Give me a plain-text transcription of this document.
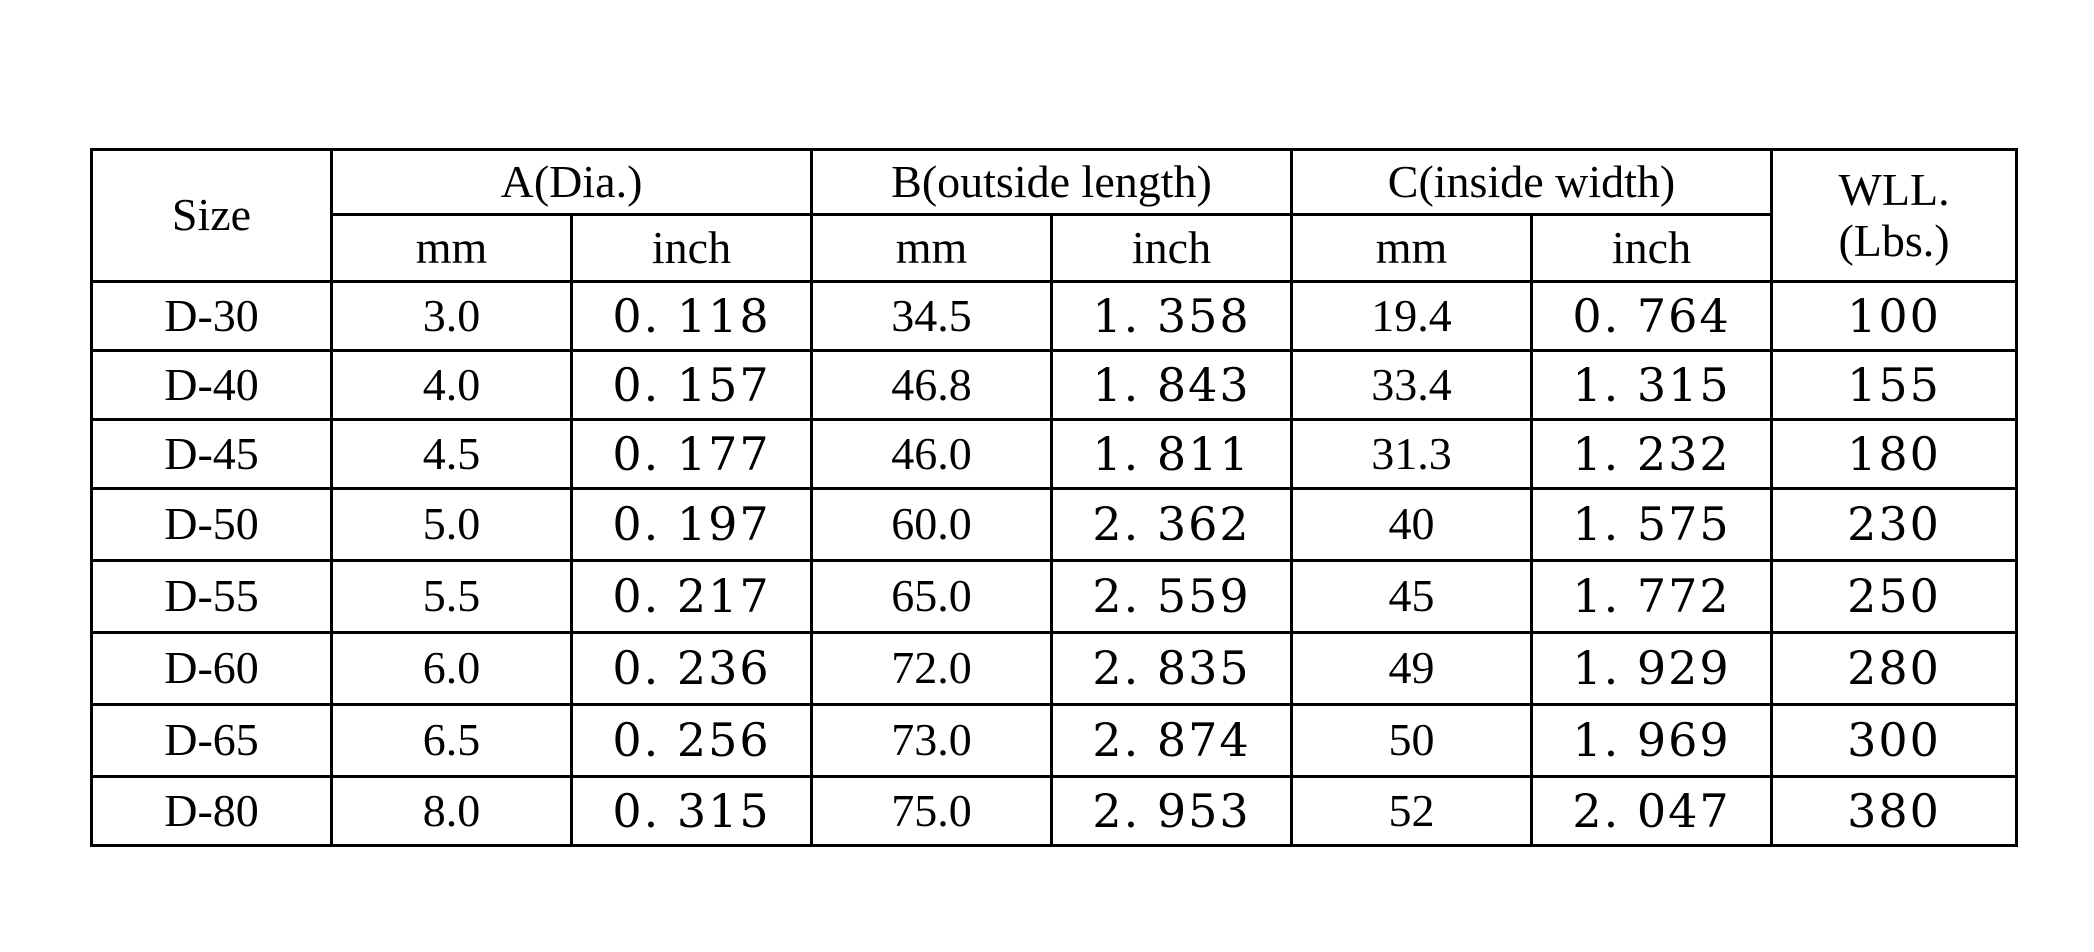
Size	A(Dia.)		B(outside length)		C(inside width)		WLL.
(Lbs.)

	mm	inch	mm	inch	mm	inch	
D-30	3.0	0. 118	34.5	1. 358	19.4	0. 764	100
D-40	4.0	0. 157	46.8	1. 843	33.4	1. 315	155
D-45	4.5	0. 177	46.0	1. 811	31.3	1. 232	180
D-50	5.0	0. 197	60.0	2. 362	40	1. 575	230
D-55	5.5	0. 217	65.0	2. 559	45	1. 772	250
D-60	6.0	0. 236	72.0	2. 835	49	1. 929	280
D-65	6.5	0. 256	73.0	2. 874	50	1. 969	300
D-80	8.0	0. 315	75.0	2. 953	52	2. 047	380
